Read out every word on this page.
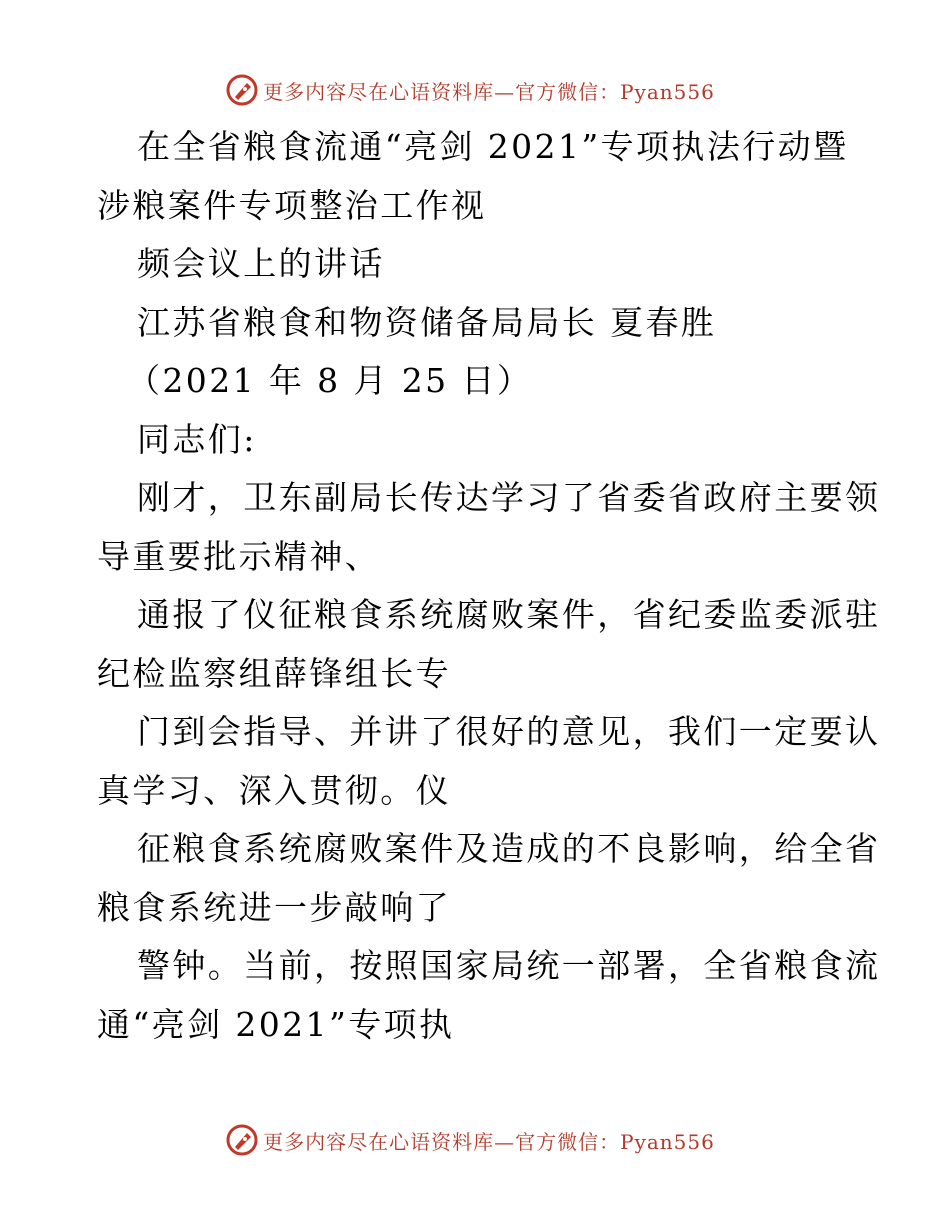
更多内容尽在心语资料库—官方微信：Pyan556
在全省粮食流通“亮剑 2021”专项执法行动暨
涉粮案件专项整治工作视
频会议上的讲话
江苏省粮食和物资储备局局长 夏春胜
（2021 年 8 月 25 日）
同志们:
刚才，卫东副局长传达学习了省委省政府主要领
导重要批示精神、
通报了仪征粮食系统腐败案件，省纪委监委派驻
纪检监察组薛锋组长专
门到会指导、并讲了很好的意见，我们一定要认
真学习、深入贯彻。仪
征粮食系统腐败案件及造成的不良影响，给全省
粮食系统进一步敲响了
警钟。当前，按照国家局统一部署，全省粮食流
通“亮剑 2021”专项执
更多内容尽在心语资料库—官方微信：Pyan556
